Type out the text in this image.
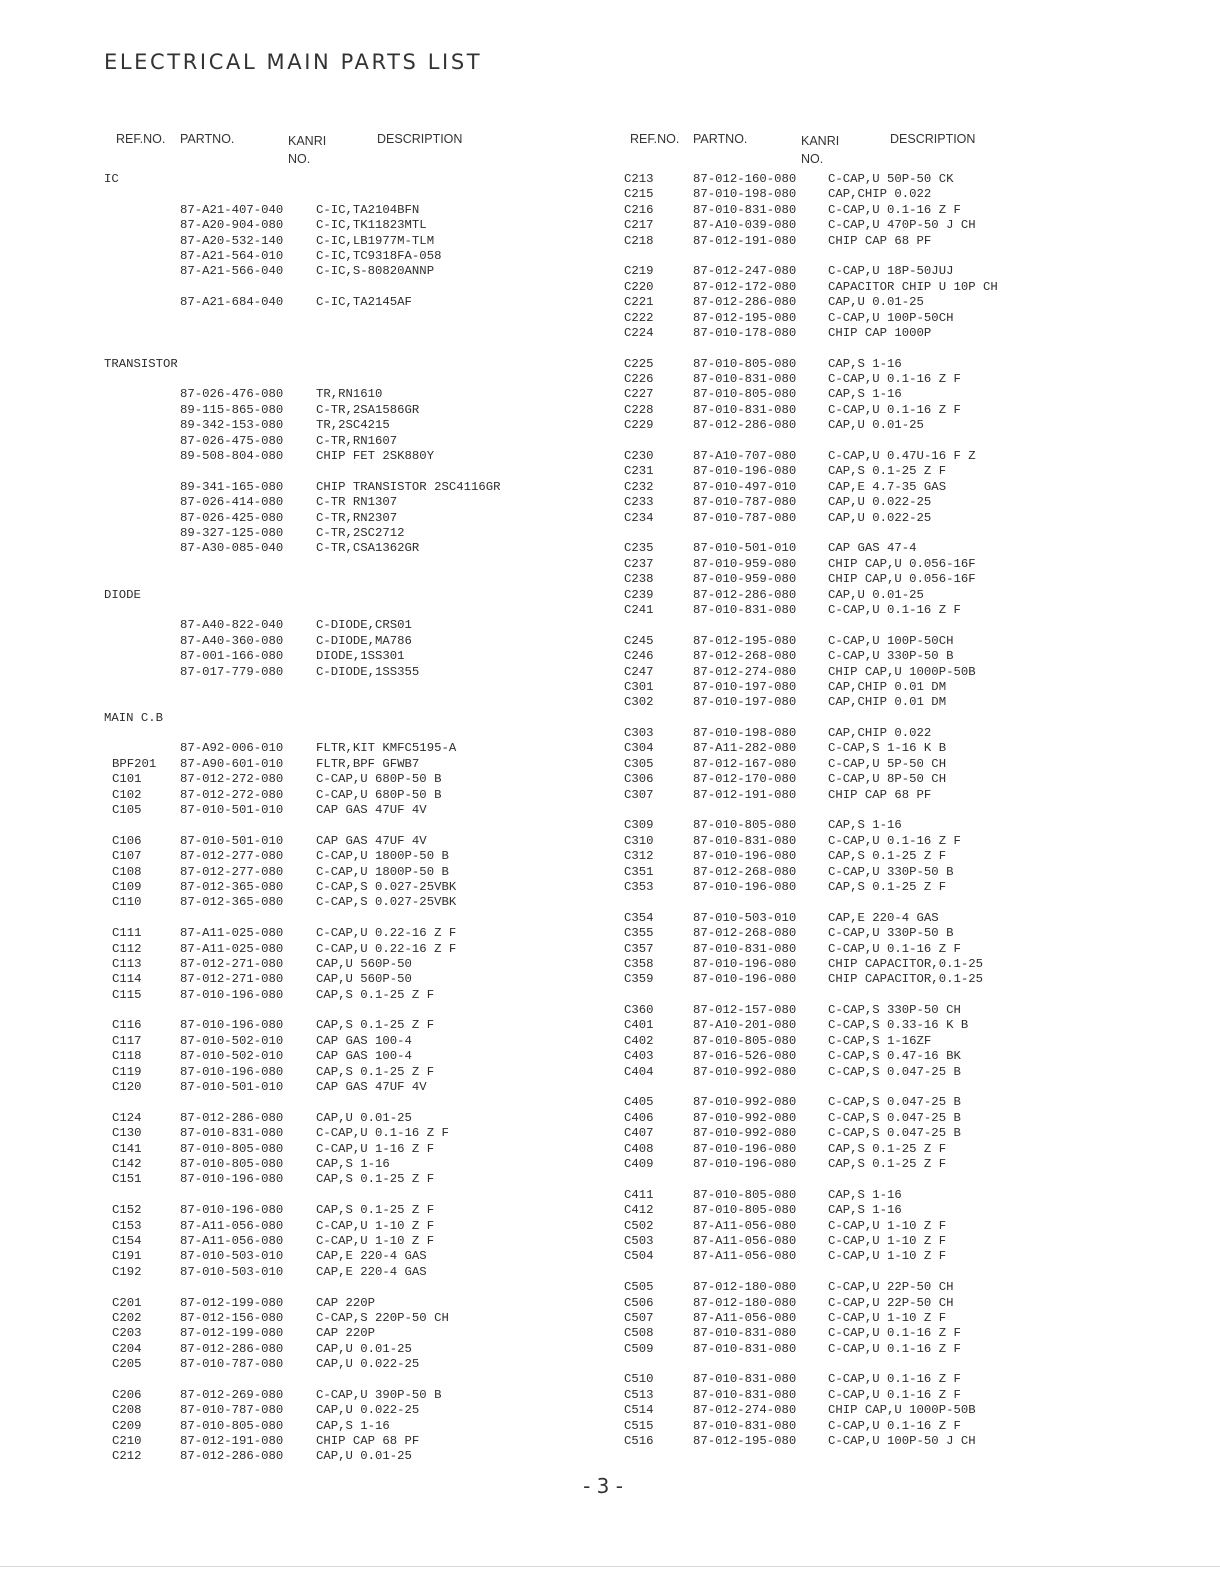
ELECTRICAL MAIN PARTS LIST
REF.NO. PARTNO.	KANRI
NO.
DESCRIPTION
IC
87-A21-407-040	C-IC,TA2104BFN
87-A20-904-080	C-IC,TK11823MTL
87-A20-532-140	C-IC,LB1977M-TLM
87-A21-564-010	C-IC,TC9318FA-058
87-A21-566-040	C-IC,S-80820ANNP
87-A21-684-040	C-IC,TA2145AF
TRANSISTOR
87-026-476-080	TR,RN1610
89-115-865-080	C-TR,2SA1586GR
89-342-153-080	TR,2SC4215
87-026-475-080	C-TR,RN1607
89-508-804-080	CHIP FET 2SK880Y
89-341-165-080	CHIP TRANSISTOR 2SC4116GR
87-026-414-080	C-TR RN1307
87-026-425-080	C-TR,RN2307
89-327-125-080	C-TR,2SC2712
87-A30-085-040	C-TR,CSA1362GR
DIODE
87-A40-822-040	C-DIODE,CRS01
87-A40-360-080	C-DIODE,MA786
87-001-166-080	DIODE,1SS301
87-017-779-080	C-DIODE,1SS355
MAIN C.B
87-A92-006-010	FLTR,KIT KMFC5195-A
BPF201 87-A90-601-010	FLTR,BPF GFWB7
C101	87-012-272-080	C-CAP,U 680P-50 B
C102	87-012-272-080	C-CAP,U 680P-50 B
C105	87-010-501-010	CAP GAS 47UF 4V
C106	87-010-501-010	CAP GAS 47UF 4V
C107	87-012-277-080	C-CAP,U 1800P-50 B
C108	87-012-277-080	C-CAP,U 1800P-50 B
C109	87-012-365-080	C-CAP,S 0.027-25VBK
C110	87-012-365-080	C-CAP,S 0.027-25VBK
C111	87-A11-025-080	C-CAP,U 0.22-16 Z F
C112	87-A11-025-080	C-CAP,U 0.22-16 Z F
C113	87-012-271-080	CAP,U 560P-50
C114	87-012-271-080	CAP,U 560P-50
C115	87-010-196-080	CAP,S 0.1-25 Z F
C116	87-010-196-080	CAP,S 0.1-25 Z F
C117	87-010-502-010	CAP GAS 100-4
C118	87-010-502-010	CAP GAS 100-4
C119	87-010-196-080	CAP,S 0.1-25 Z F
C120	87-010-501-010	CAP GAS 47UF 4V
C124	87-012-286-080	CAP,U 0.01-25
C130	87-010-831-080	C-CAP,U 0.1-16 Z F
C141	87-010-805-080	C-CAP,U 1-16 Z F
C142	87-010-805-080	CAP,S 1-16
C151	87-010-196-080	CAP,S 0.1-25 Z F
C152	87-010-196-080	CAP,S 0.1-25 Z F
C153	87-A11-056-080	C-CAP,U 1-10 Z F
C154	87-A11-056-080	C-CAP,U 1-10 Z F
C191	87-010-503-010	CAP,E 220-4 GAS
C192	87-010-503-010	CAP,E 220-4 GAS
C201	87-012-199-080	CAP 220P
C202	87-012-156-080	C-CAP,S 220P-50 CH
C203	87-012-199-080	CAP 220P
C204	87-012-286-080	CAP,U 0.01-25
C205	87-010-787-080	CAP,U 0.022-25
C206	87-012-269-080	C-CAP,U 390P-50 B
C208	87-010-787-080	CAP,U 0.022-25
C209	87-010-805-080	CAP,S 1-16
C210	87-012-191-080	CHIP CAP 68 PF
C212	87-012-286-080	CAP,U 0.01-25
REF.NO. PARTNO.	KANRI
NO.
DESCRIPTION
C213	87-012-160-080	C-CAP,U 50P-50 CK
C215	87-010-198-080	CAP,CHIP 0.022
C216	87-010-831-080	C-CAP,U 0.1-16 Z F
C217	87-A10-039-080	C-CAP,U 470P-50 J CH
C218	87-012-191-080	CHIP CAP 68 PF
C219	87-012-247-080	C-CAP,U 18P-50JUJ
C220	87-012-172-080	CAPACITOR CHIP U 10P CH
C221	87-012-286-080	CAP,U 0.01-25
C222	87-012-195-080	C-CAP,U 100P-50CH
C224	87-010-178-080	CHIP CAP 1000P
C225	87-010-805-080	CAP,S 1-16
C226	87-010-831-080	C-CAP,U 0.1-16 Z F
C227	87-010-805-080	CAP,S 1-16
C228	87-010-831-080	C-CAP,U 0.1-16 Z F
C229	87-012-286-080	CAP,U 0.01-25
C230	87-A10-707-080	C-CAP,U 0.47U-16 F Z
C231	87-010-196-080	CAP,S 0.1-25 Z F
C232	87-010-497-010	CAP,E 4.7-35 GAS
C233	87-010-787-080	CAP,U 0.022-25
C234	87-010-787-080	CAP,U 0.022-25
C235	87-010-501-010	CAP GAS 47-4
C237	87-010-959-080	CHIP CAP,U 0.056-16F
C238	87-010-959-080	CHIP CAP,U 0.056-16F
C239	87-012-286-080	CAP,U 0.01-25
C241	87-010-831-080	C-CAP,U 0.1-16 Z F
C245	87-012-195-080	C-CAP,U 100P-50CH
C246	87-012-268-080	C-CAP,U 330P-50 B
C247	87-012-274-080	CHIP CAP,U 1000P-50B
C301	87-010-197-080	CAP,CHIP 0.01 DM
C302	87-010-197-080	CAP,CHIP 0.01 DM
C303	87-010-198-080	CAP,CHIP 0.022
C304	87-A11-282-080	C-CAP,S 1-16 K B
C305	87-012-167-080	C-CAP,U 5P-50 CH
C306	87-012-170-080	C-CAP,U 8P-50 CH
C307	87-012-191-080	CHIP CAP 68 PF
C309	87-010-805-080	CAP,S 1-16
C310	87-010-831-080	C-CAP,U 0.1-16 Z F
C312	87-010-196-080	CAP,S 0.1-25 Z F
C351	87-012-268-080	C-CAP,U 330P-50 B
C353	87-010-196-080	CAP,S 0.1-25 Z F
C354	87-010-503-010	CAP,E 220-4 GAS
C355	87-012-268-080	C-CAP,U 330P-50 B
C357	87-010-831-080	C-CAP,U 0.1-16 Z F
C358	87-010-196-080	CHIP CAPACITOR,0.1-25
C359	87-010-196-080	CHIP CAPACITOR,0.1-25
C360	87-012-157-080	C-CAP,S 330P-50 CH
C401	87-A10-201-080	C-CAP,S 0.33-16 K B
C402	87-010-805-080	C-CAP,S 1-16ZF
C403	87-016-526-080	C-CAP,S 0.47-16 BK
C404	87-010-992-080	C-CAP,S 0.047-25 B
C405	87-010-992-080	C-CAP,S 0.047-25 B
C406	87-010-992-080	C-CAP,S 0.047-25 B
C407	87-010-992-080	C-CAP,S 0.047-25 B
C408	87-010-196-080	CAP,S 0.1-25 Z F
C409	87-010-196-080	CAP,S 0.1-25 Z F
C411	87-010-805-080	CAP,S 1-16
C412	87-010-805-080	CAP,S 1-16
C502	87-A11-056-080	C-CAP,U 1-10 Z F
C503	87-A11-056-080	C-CAP,U 1-10 Z F
C504	87-A11-056-080	C-CAP,U 1-10 Z F
C505	87-012-180-080	C-CAP,U 22P-50 CH
C506	87-012-180-080	C-CAP,U 22P-50 CH
C507	87-A11-056-080	C-CAP,U 1-10 Z F
C508	87-010-831-080	C-CAP,U 0.1-16 Z F
C509	87-010-831-080	C-CAP,U 0.1-16 Z F
C510	87-010-831-080	C-CAP,U 0.1-16 Z F
C513	87-010-831-080	C-CAP,U 0.1-16 Z F
C514	87-012-274-080	CHIP CAP,U 1000P-50B
C515	87-010-831-080	C-CAP,U 0.1-16 Z F
C516	87-012-195-080	C-CAP,U 100P-50 J CH
- 3 -
